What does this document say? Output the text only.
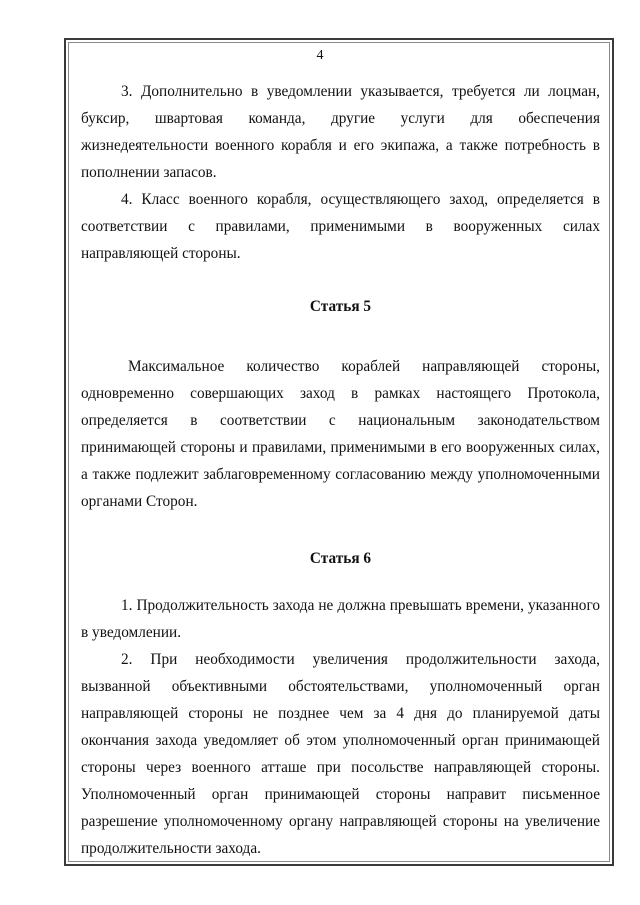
4

3. Дополнительно в уведомлении указывается, требуется ли лоцман, буксир, швартовая команда, другие услуги для обеспечения жизнедеятельности военного корабля и его экипажа, а также потребность в пополнении запасов.

4. Класс военного корабля, осуществляющего заход, определяется в соответствии с правилами, применимыми в вооруженных силах направляющей стороны.

Статья 5

Максимальное количество кораблей направляющей стороны, одновременно совершающих заход в рамках настоящего Протокола, определяется в соответствии с национальным законодательством принимающей стороны и правилами, применимыми в его вооруженных силах, а также подлежит заблаговременному согласованию между уполномоченными органами Сторон.

Статья 6

1. Продолжительность захода не должна превышать времени, указанного в уведомлении.

2. При необходимости увеличения продолжительности захода, вызванной объективными обстоятельствами, уполномоченный орган направляющей стороны не позднее чем за 4 дня до планируемой даты окончания захода уведомляет об этом уполномоченный орган принимающей стороны через военного атташе при посольстве направляющей стороны. Уполномоченный орган принимающей стороны направит письменное разрешение уполномоченному органу направляющей стороны на увеличение продолжительности захода.
